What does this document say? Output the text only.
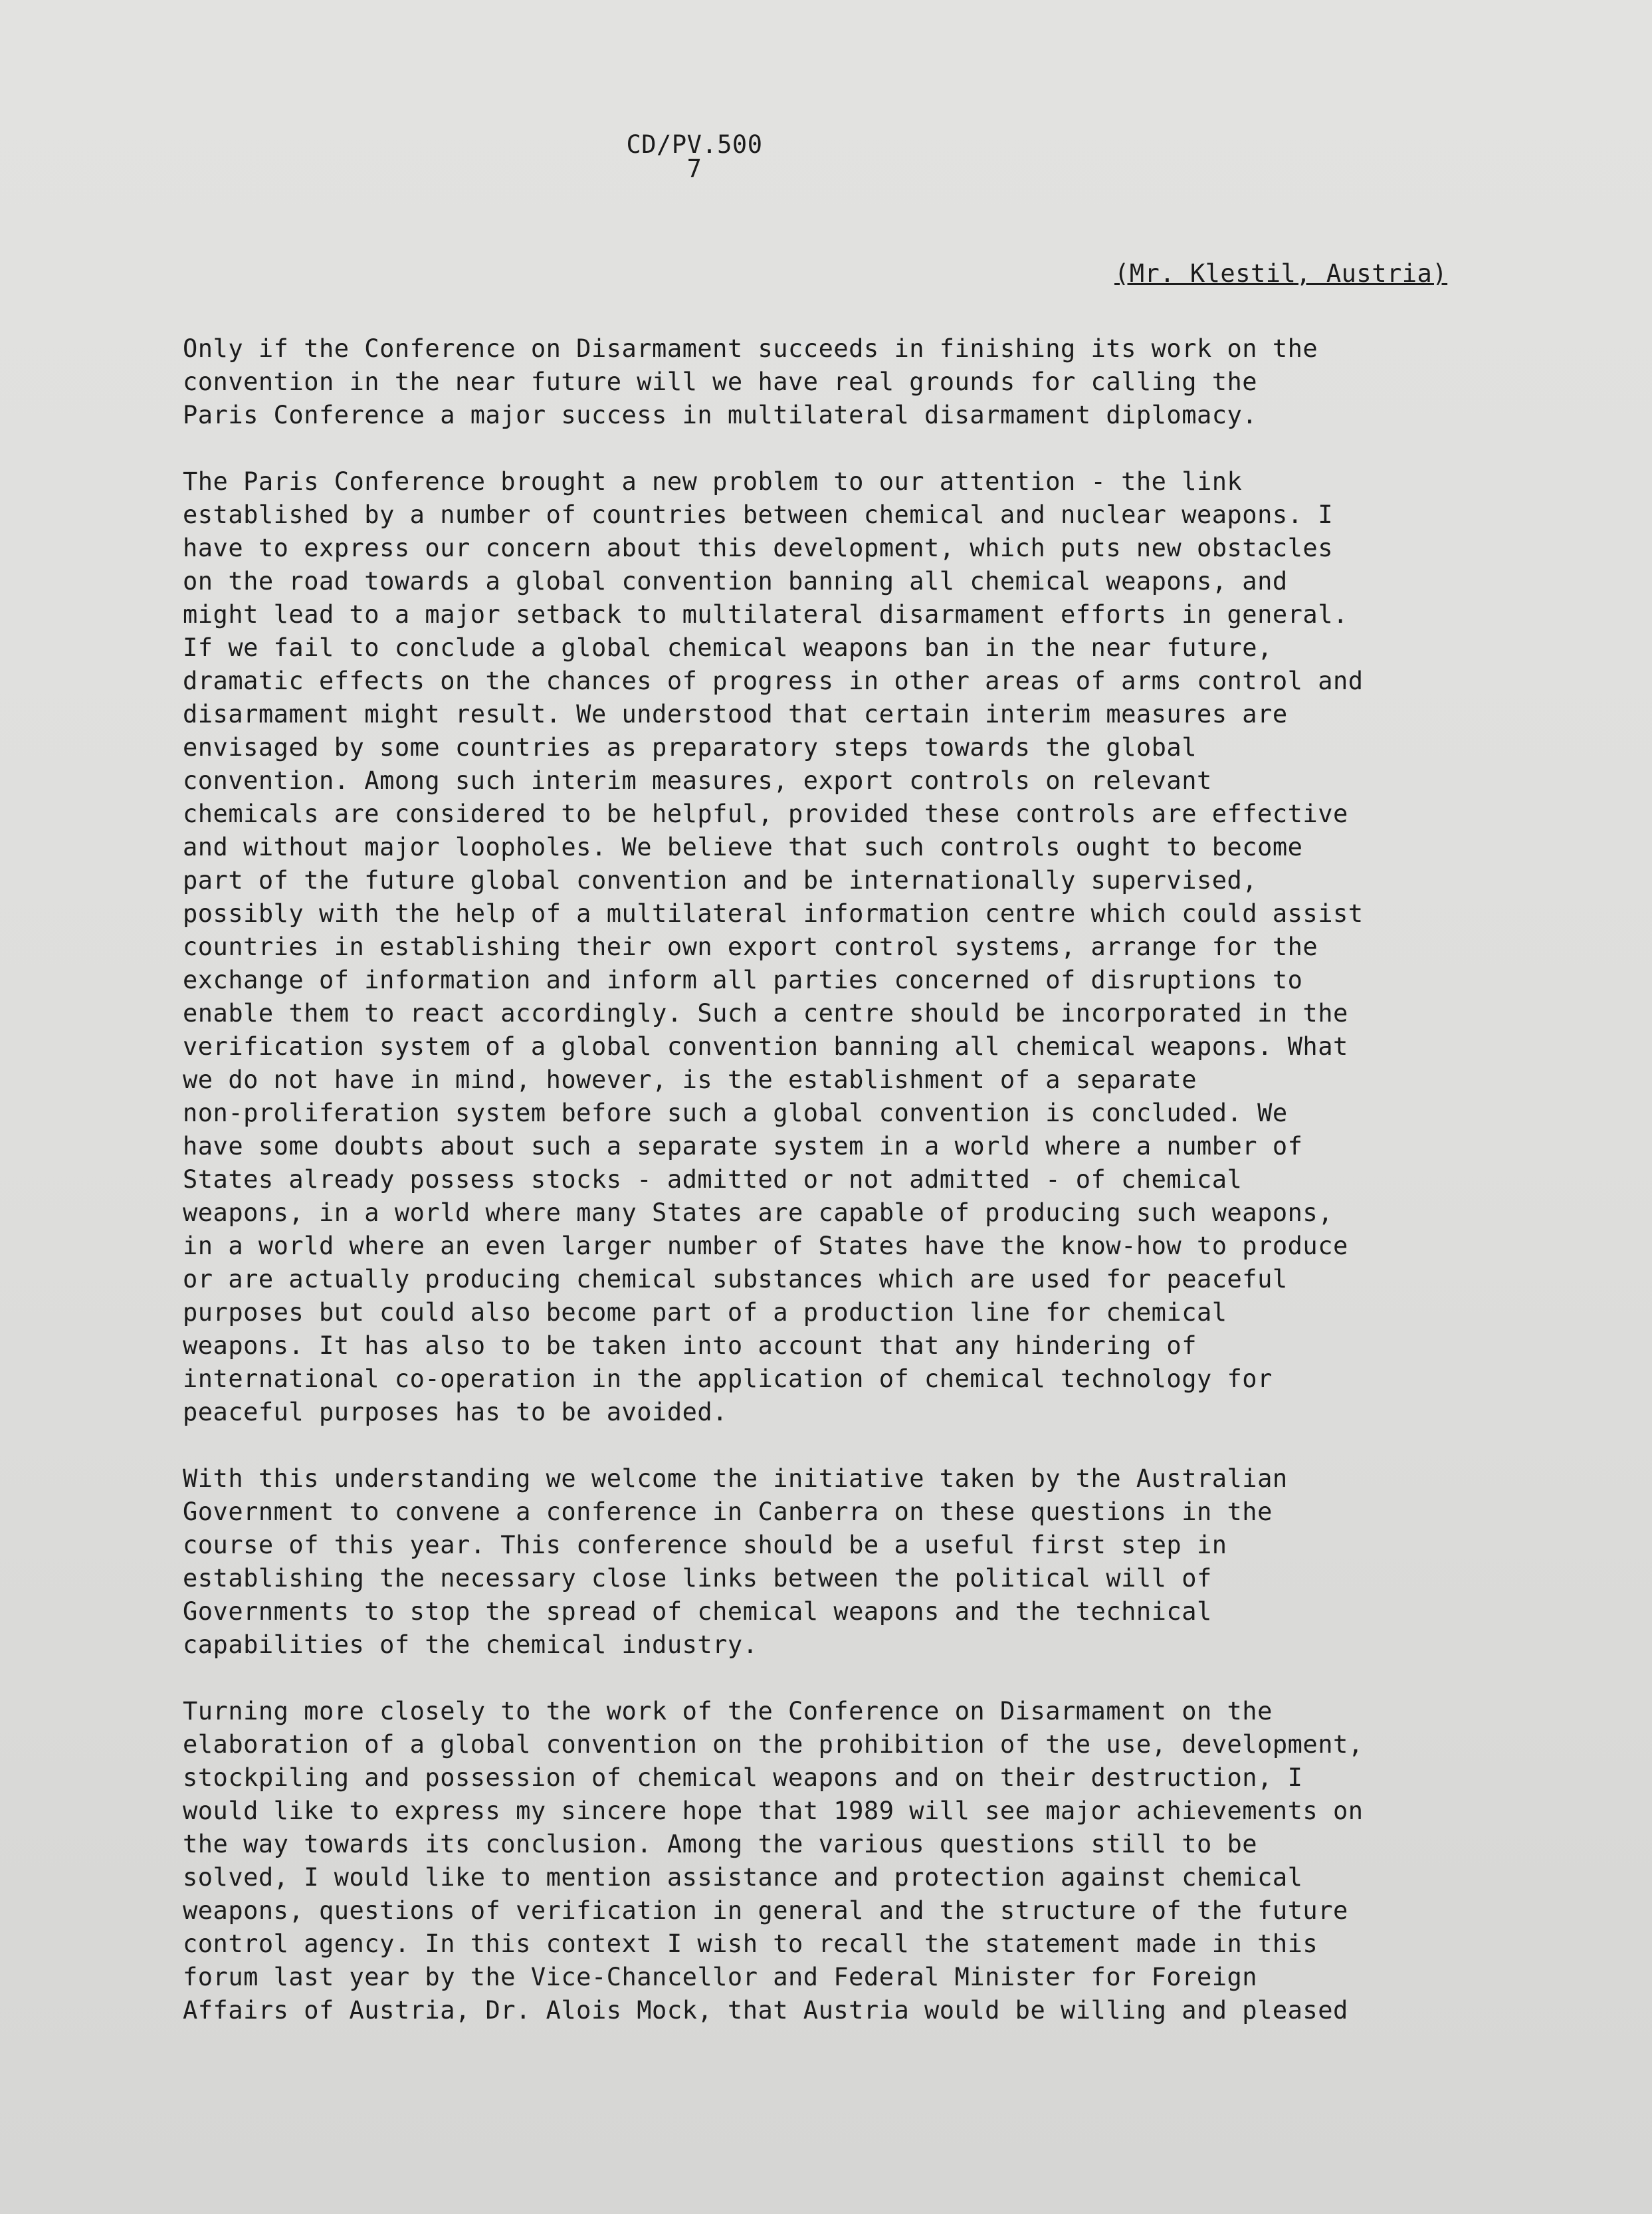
CD/PV.500
7
(Mr. Klestil, Austria)
Only if the Conference on Disarmament succeeds in finishing its work on the
convention in the near future will we have real grounds for calling the
Paris Conference a major success in multilateral disarmament diplomacy.
The Paris Conference brought a new problem to our attention - the link
established by a number of countries between chemical and nuclear weapons. I
have to express our concern about this development, which puts new obstacles
on the road towards a global convention banning all chemical weapons, and
might lead to a major setback to multilateral disarmament efforts in general.
If we fail to conclude a global chemical weapons ban in the near future,
dramatic effects on the chances of progress in other areas of arms control and
disarmament might result. We understood that certain interim measures are
envisaged by some countries as preparatory steps towards the global
convention. Among such interim measures, export controls on relevant
chemicals are considered to be helpful, provided these controls are effective
and without major loopholes. We believe that such controls ought to become
part of the future global convention and be internationally supervised,
possibly with the help of a multilateral information centre which could assist
countries in establishing their own export control systems, arrange for the
exchange of information and inform all parties concerned of disruptions to
enable them to react accordingly. Such a centre should be incorporated in the
verification system of a global convention banning all chemical weapons. What
we do not have in mind, however, is the establishment of a separate
non-proliferation system before such a global convention is concluded. We
have some doubts about such a separate system in a world where a number of
States already possess stocks - admitted or not admitted - of chemical
weapons, in a world where many States are capable of producing such weapons,
in a world where an even larger number of States have the know-how to produce
or are actually producing chemical substances which are used for peaceful
purposes but could also become part of a production line for chemical
weapons. It has also to be taken into account that any hindering of
international co-operation in the application of chemical technology for
peaceful purposes has to be avoided.
With this understanding we welcome the initiative taken by the Australian
Government to convene a conference in Canberra on these questions in the
course of this year. This conference should be a useful first step in
establishing the necessary close links between the political will of
Governments to stop the spread of chemical weapons and the technical
capabilities of the chemical industry.
Turning more closely to the work of the Conference on Disarmament on the
elaboration of a global convention on the prohibition of the use, development,
stockpiling and possession of chemical weapons and on their destruction, I
would like to express my sincere hope that 1989 will see major achievements on
the way towards its conclusion. Among the various questions still to be
solved, I would like to mention assistance and protection against chemical
weapons, questions of verification in general and the structure of the future
control agency. In this context I wish to recall the statement made in this
forum last year by the Vice-Chancellor and Federal Minister for Foreign
Affairs of Austria, Dr. Alois Mock, that Austria would be willing and pleased
